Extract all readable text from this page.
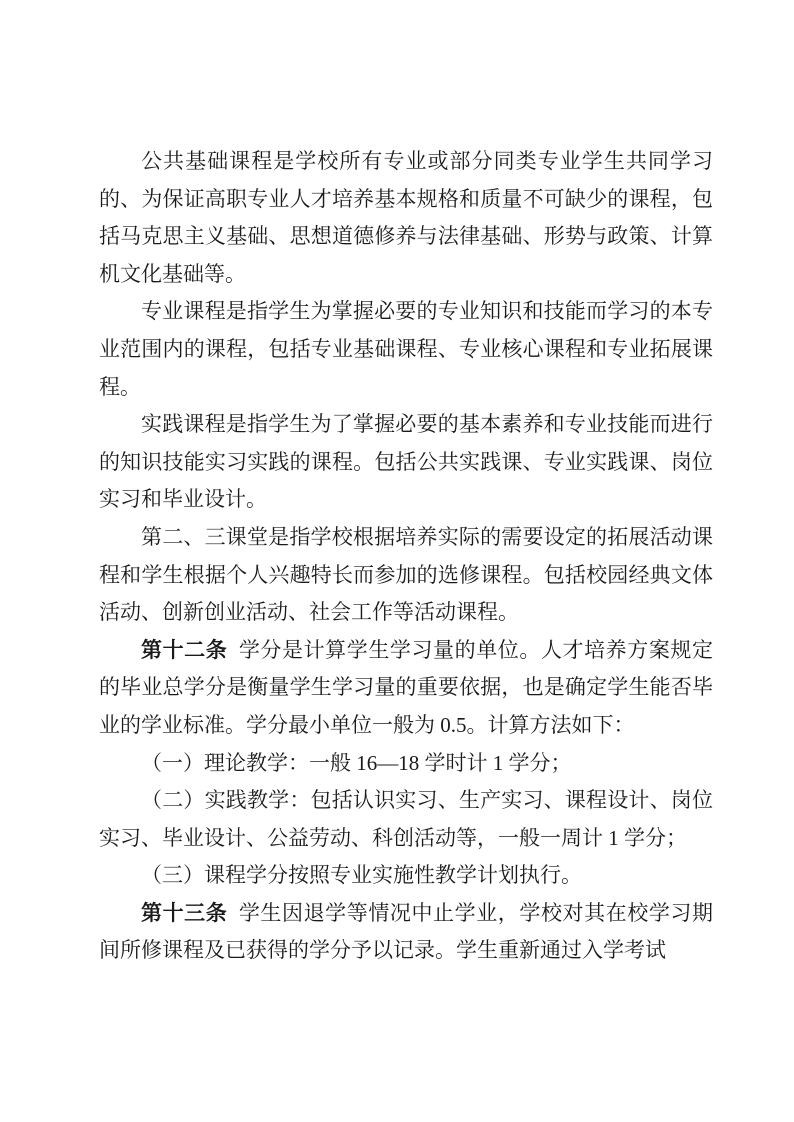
公共基础课程是学校所有专业或部分同类专业学生共同学习的、为保证高职专业人才培养基本规格和质量不可缺少的课程，包括马克思主义基础、思想道德修养与法律基础、形势与政策、计算机文化基础等。

专业课程是指学生为掌握必要的专业知识和技能而学习的本专业范围内的课程，包括专业基础课程、专业核心课程和专业拓展课程。

实践课程是指学生为了掌握必要的基本素养和专业技能而进行的知识技能实习实践的课程。包括公共实践课、专业实践课、岗位实习和毕业设计。

第二、三课堂是指学校根据培养实际的需要设定的拓展活动课程和学生根据个人兴趣特长而参加的选修课程。包括校园经典文体活动、创新创业活动、社会工作等活动课程。

第十二条 学分是计算学生学习量的单位。人才培养方案规定的毕业总学分是衡量学生学习量的重要依据，也是确定学生能否毕业的学业标准。学分最小单位一般为 0.5。计算方法如下：

（一）理论教学：一般 16—18 学时计 1 学分；

（二）实践教学：包括认识实习、生产实习、课程设计、岗位实习、毕业设计、公益劳动、科创活动等，一般一周计 1 学分；

（三）课程学分按照专业实施性教学计划执行。

第十三条 学生因退学等情况中止学业，学校对其在校学习期间所修课程及已获得的学分予以记录。学生重新通过入学考试
